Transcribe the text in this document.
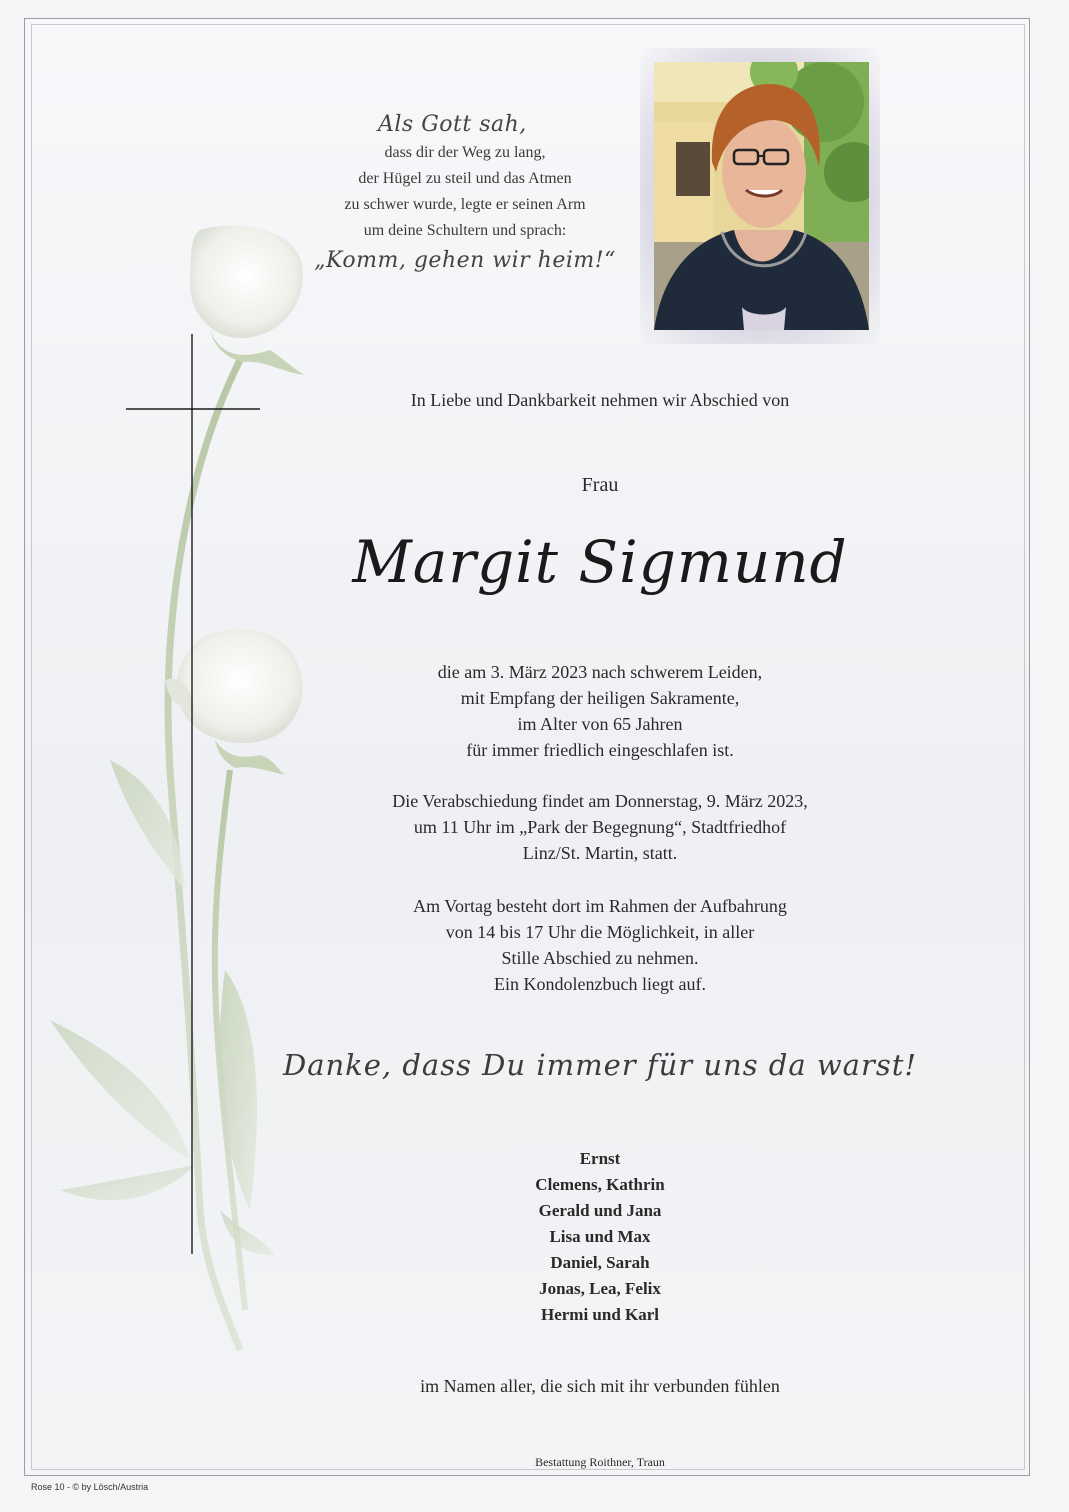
Als Gott sah,
dass dir der Weg zu lang,
der Hügel zu steil und das Atmen
zu schwer wurde, legte er seinen Arm
um deine Schultern und sprach:
„Komm, gehen wir heim!“
In Liebe und Dankbarkeit nehmen wir Abschied von
Frau
Margit Sigmund
die am 3. März 2023 nach schwerem Leiden,
mit Empfang der heiligen Sakramente,
im Alter von 65 Jahren
für immer friedlich eingeschlafen ist.
Die Verabschiedung findet am Donnerstag, 9. März 2023,
um 11 Uhr im „Park der Begegnung“, Stadtfriedhof
Linz/St. Martin, statt.
Am Vortag besteht dort im Rahmen der Aufbahrung
von 14 bis 17 Uhr die Möglichkeit, in aller
Stille Abschied zu nehmen.
Ein Kondolenzbuch liegt auf.
Danke, dass Du immer für uns da warst!
Ernst
Clemens, Kathrin
Gerald und Jana
Lisa und Max
Daniel, Sarah
Jonas, Lea, Felix
Hermi und Karl
im Namen aller, die sich mit ihr verbunden fühlen
Bestattung Roithner, Traun
Rose 10 - © by Lösch/Austria
